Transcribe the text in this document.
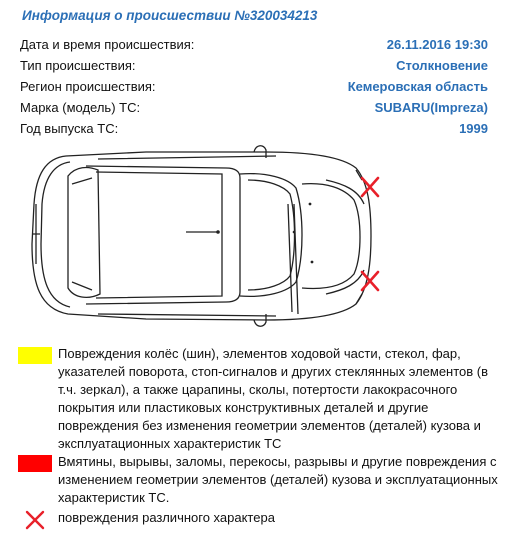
Информация о происшествии №320034213
Дата и время происшествия:	26.11.2016 19:30
Тип происшествия:	Столкновение
Регион происшествия:	Кемеровская область
Марка (модель) ТС:	SUBARU(Impreza)
Год выпуска ТС:	1999
Повреждения колёс (шин), элементов ходовой части, стекол, фар, указателей поворота, стоп-сигналов и других стеклянных элементов (в т.ч. зеркал), а также царапины, сколы, потертости лакокрасочного покрытия или пластиковых конструктивных деталей и другие повреждения без изменения геометрии элементов (деталей) кузова и эксплуатационных характеристик ТС
Вмятины, вырывы, заломы, перекосы, разрывы и другие повреждения с изменением геометрии элементов (деталей) кузова и эксплуатационных характеристик ТС.
повреждения различного характера
